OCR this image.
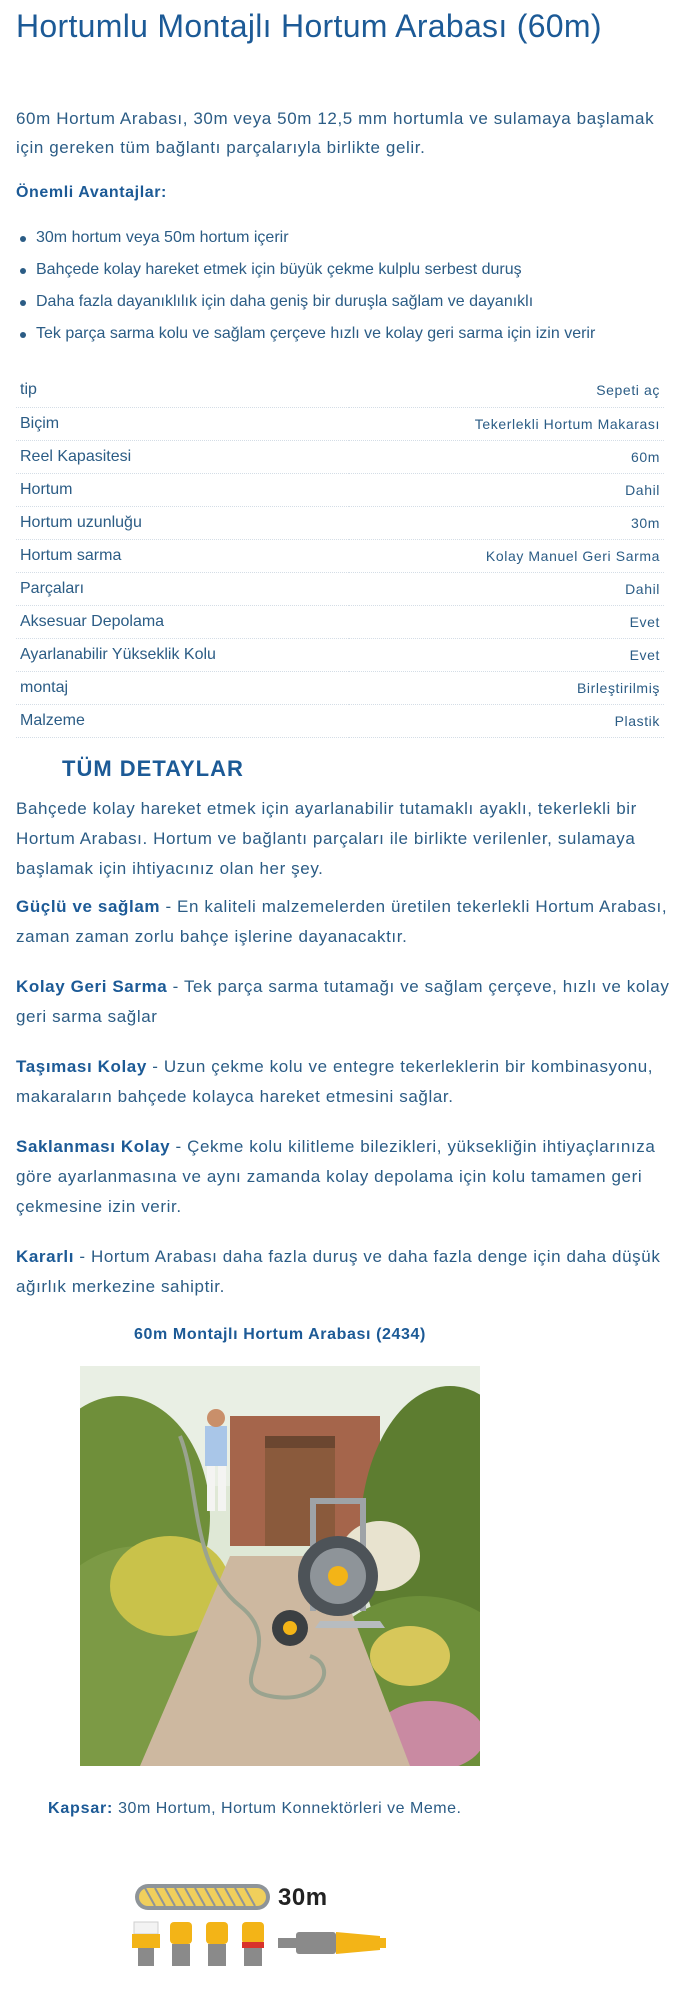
Hortumlu Montajlı Hortum Arabası (60m)

60m Hortum Arabası, 30m veya 50m 12,5 mm hortumla ve sulamaya başlamak için gereken tüm bağlantı parçalarıyla birlikte gelir.

Önemli Avantajlar:

30m hortum veya 50m hortum içerir
Bahçede kolay hareket etmek için büyük çekme kulplu serbest duruş
Daha fazla dayanıklılık için daha geniş bir duruşla sağlam ve dayanıklı
Tek parça sarma kolu ve sağlam çerçeve hızlı ve kolay geri sarma için izin verir
tip	Sepeti aç
Biçim	Tekerlekli Hortum Makarası
Reel Kapasitesi	60m
Hortum	Dahil
Hortum uzunluğu	30m
Hortum sarma	Kolay Manuel Geri Sarma
Parçaları	Dahil
Aksesuar Depolama	Evet
Ayarlanabilir Yükseklik Kolu	Evet
montaj	Birleştirilmiş
Malzeme	Plastik
TÜM DETAYLAR

Bahçede kolay hareket etmek için ayarlanabilir tutamaklı ayaklı, tekerlekli bir Hortum Arabası. Hortum ve bağlantı parçaları ile birlikte verilenler, sulamaya başlamak için ihtiyacınız olan her şey.

Güçlü ve sağlam - En kaliteli malzemelerden üretilen tekerlekli Hortum Arabası, zaman zaman zorlu bahçe işlerine dayanacaktır.

Kolay Geri Sarma - Tek parça sarma tutamağı ve sağlam çerçeve, hızlı ve kolay geri sarma sağlar

Taşıması Kolay - Uzun çekme kolu ve entegre tekerleklerin bir kombinasyonu, makaraların bahçede kolayca hareket etmesini sağlar.

Saklanması Kolay - Çekme kolu kilitleme bilezikleri, yüksekliğin ihtiyaçlarınıza göre ayarlanmasına ve aynı zamanda kolay depolama için kolu tamamen geri çekmesine izin verir.

Kararlı - Hortum Arabası daha fazla duruş ve daha fazla denge için daha düşük ağırlık merkezine sahiptir.

60m Montajlı Hortum Arabası (2434)

Kapsar: 30m Hortum, Hortum Konnektörleri ve Meme.

30m
